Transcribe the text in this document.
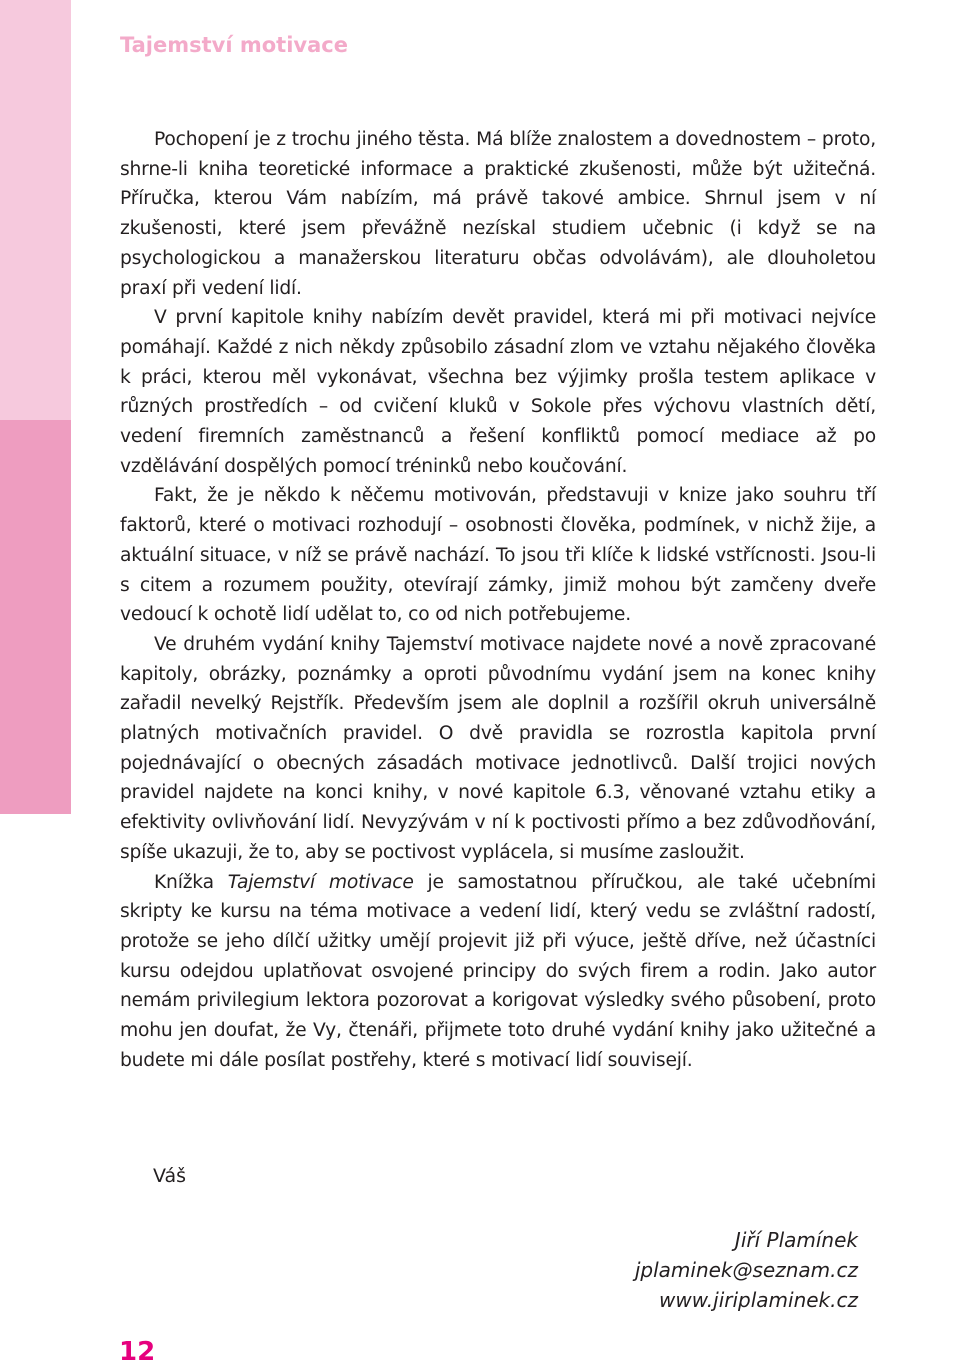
Tajemství motivace

Pochopení je z trochu jiného těsta. Má blíže znalostem a dovednostem – proto, shrne-li kniha teoretické informace a praktické zkušenosti, může být užitečná. Příručka, kterou Vám nabízím, má právě takové ambice. Shrnul jsem v ní zkušenosti, které jsem převážně nezískal studiem učebnic (i když se na psychologickou a manažerskou literaturu občas odvolávám), ale dlouholetou praxí při vedení lidí.

V první kapitole knihy nabízím devět pravidel, která mi při motivaci nejvíce pomáhají. Každé z nich někdy způsobilo zásadní zlom ve vztahu nějakého člověka k práci, kterou měl vykonávat, všechna bez výjimky prošla testem aplikace v různých prostředích – od cvičení kluků v Sokole přes výchovu vlastních dětí, vedení firemních zaměstnanců a řešení konfliktů pomocí mediace až po vzdělávání dospělých pomocí tréninků nebo koučování.

Fakt, že je někdo k něčemu motivován, představuji v knize jako souhru tří faktorů, které o motivaci rozhodují – osobnosti člověka, podmínek, v nichž žije, a aktuální situace, v níž se právě nachází. To jsou tři klíče k lidské vstřícnosti. Jsou-li s citem a rozumem použity, otevírají zámky, jimiž mohou být zamčeny dveře vedoucí k ochotě lidí udělat to, co od nich potřebujeme.

Ve druhém vydání knihy Tajemství motivace najdete nové a nově zpracované kapitoly, obrázky, poznámky a oproti původnímu vydání jsem na konec knihy zařadil nevelký Rejstřík. Především jsem ale doplnil a rozšířil okruh universálně platných motivačních pravidel. O dvě pravidla se rozrostla kapitola první pojednávající o obecných zásadách motivace jednotlivců. Další trojici nových pravidel najdete na konci knihy, v nové kapitole 6.3, věnované vztahu etiky a efektivity ovlivňování lidí. Nevyzývám v ní k poctivosti přímo a bez zdůvodňování, spíše ukazuji, že to, aby se poctivost vyplácela, si musíme zasloužit.

Knížka Tajemství motivace je samostatnou příručkou, ale také učebními skripty ke kursu na téma motivace a vedení lidí, který vedu se zvláštní radostí, protože se jeho dílčí užitky umějí projevit již při výuce, ještě dříve, než účastníci kursu odejdou uplatňovat osvojené principy do svých firem a rodin. Jako autor nemám privilegium lektora pozorovat a korigovat výsledky svého působení, proto mohu jen doufat, že Vy, čtenáři, přijmete toto druhé vydání knihy jako užitečné a budete mi dále posílat postřehy, které s motivací lidí souvisejí.

Váš
Jiří Plamínek
jplaminek@seznam.cz
www.jiriplaminek.cz
12
